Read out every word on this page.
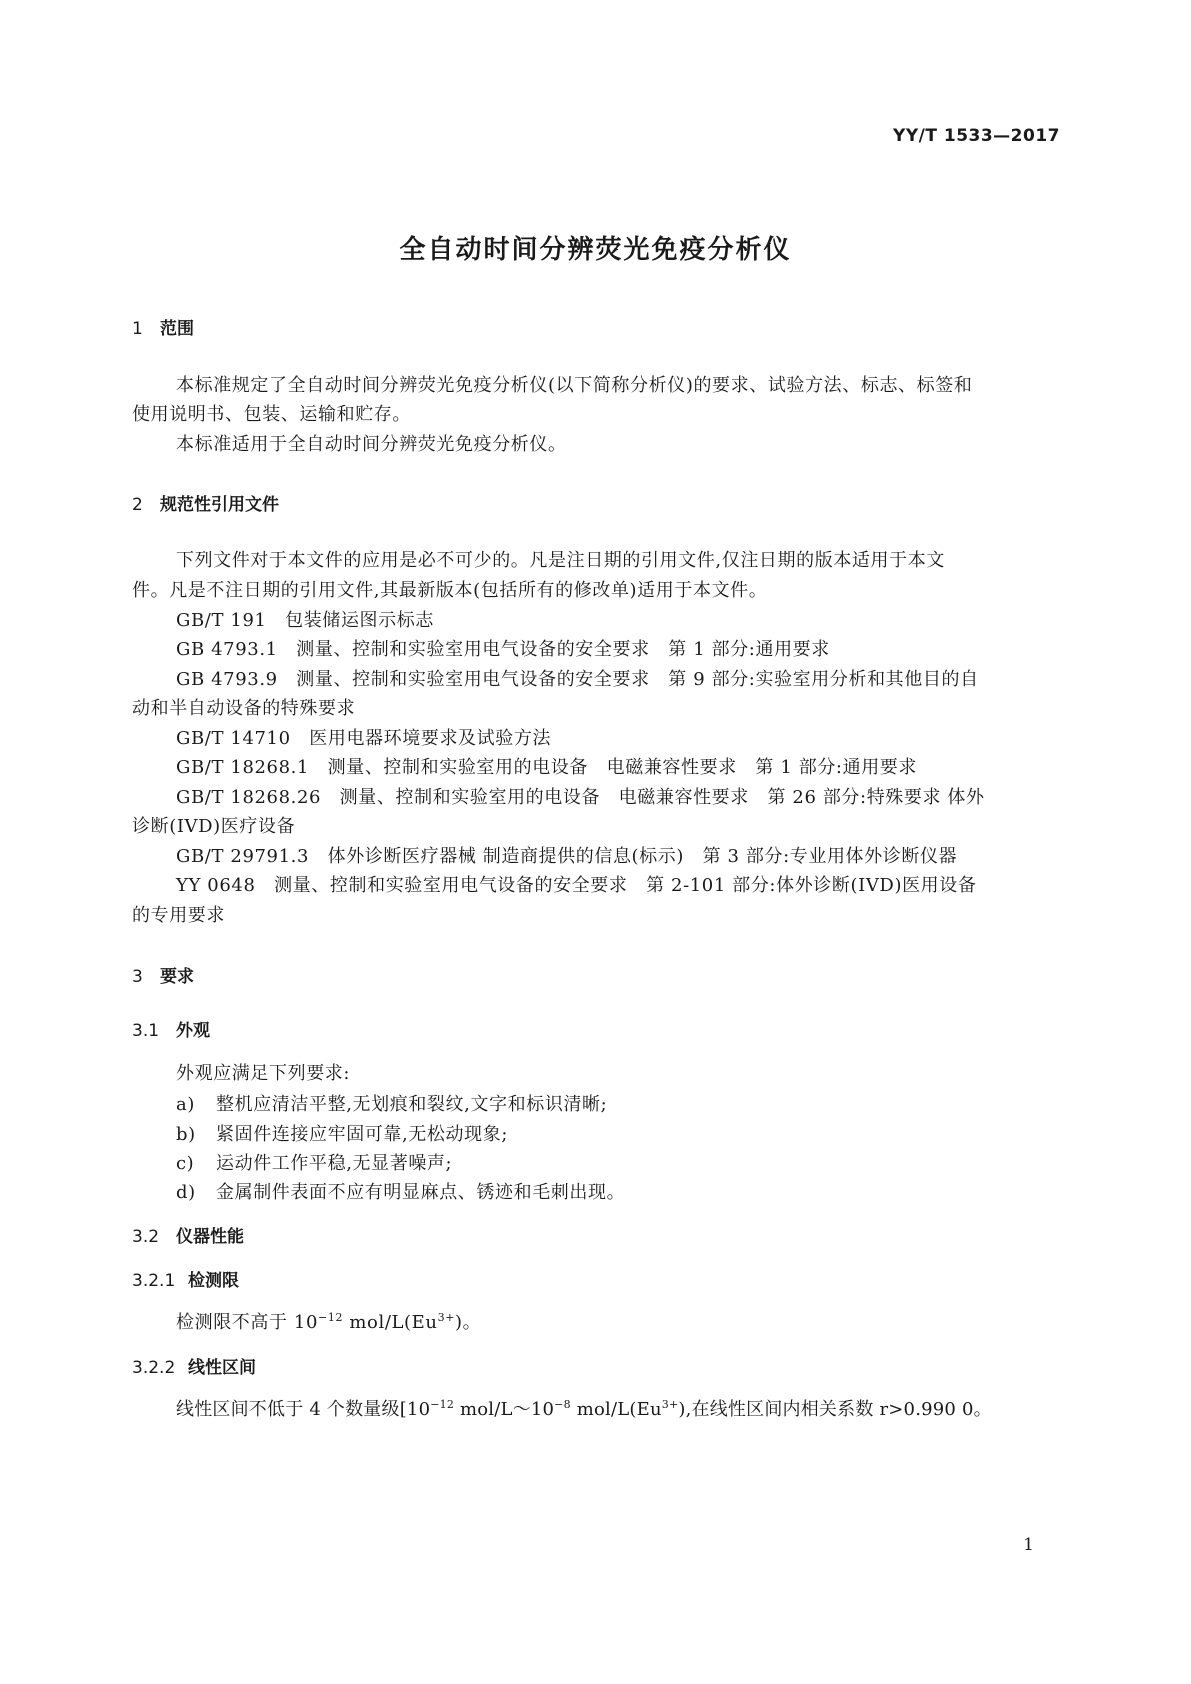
YY/T 1533—2017
全自动时间分辨荧光免疫分析仪
1 范围
本标准规定了全自动时间分辨荧光免疫分析仪(以下简称分析仪)的要求、试验方法、标志、标签和
使用说明书、包装、运输和贮存。
本标准适用于全自动时间分辨荧光免疫分析仪。
2 规范性引用文件
下列文件对于本文件的应用是必不可少的。凡是注日期的引用文件,仅注日期的版本适用于本文
件。凡是不注日期的引用文件,其最新版本(包括所有的修改单)适用于本文件。
GB/T 191　包装储运图示标志
GB 4793.1　测量、控制和实验室用电气设备的安全要求　第 1 部分:通用要求
GB 4793.9　测量、控制和实验室用电气设备的安全要求　第 9 部分:实验室用分析和其他目的自
动和半自动设备的特殊要求
GB/T 14710　医用电器环境要求及试验方法
GB/T 18268.1　测量、控制和实验室用的电设备　电磁兼容性要求　第 1 部分:通用要求
GB/T 18268.26　测量、控制和实验室用的电设备　电磁兼容性要求　第 26 部分:特殊要求 体外
诊断(IVD)医疗设备
GB/T 29791.3　体外诊断医疗器械 制造商提供的信息(标示)　第 3 部分:专业用体外诊断仪器
YY 0648　测量、控制和实验室用电气设备的安全要求　第 2-101 部分:体外诊断(IVD)医用设备
的专用要求
3 要求
3.1 外观
外观应满足下列要求:
a) 整机应清洁平整,无划痕和裂纹,文字和标识清晰;
b) 紧固件连接应牢固可靠,无松动现象;
c) 运动件工作平稳,无显著噪声;
d) 金属制件表面不应有明显麻点、锈迹和毛刺出现。
3.2 仪器性能
3.2.1 检测限
检测限不高于 $10^{-12}$ mol/$L(Eu^{3+})$。
3.2.2 线性区间
线性区间不低于 4 个数量级[$10^{-12}$ mol/$L\sim 10^{-8}$ mol/$L(Eu^{3+})$,在线性区间内相关系数 r>0.990 0。
1
